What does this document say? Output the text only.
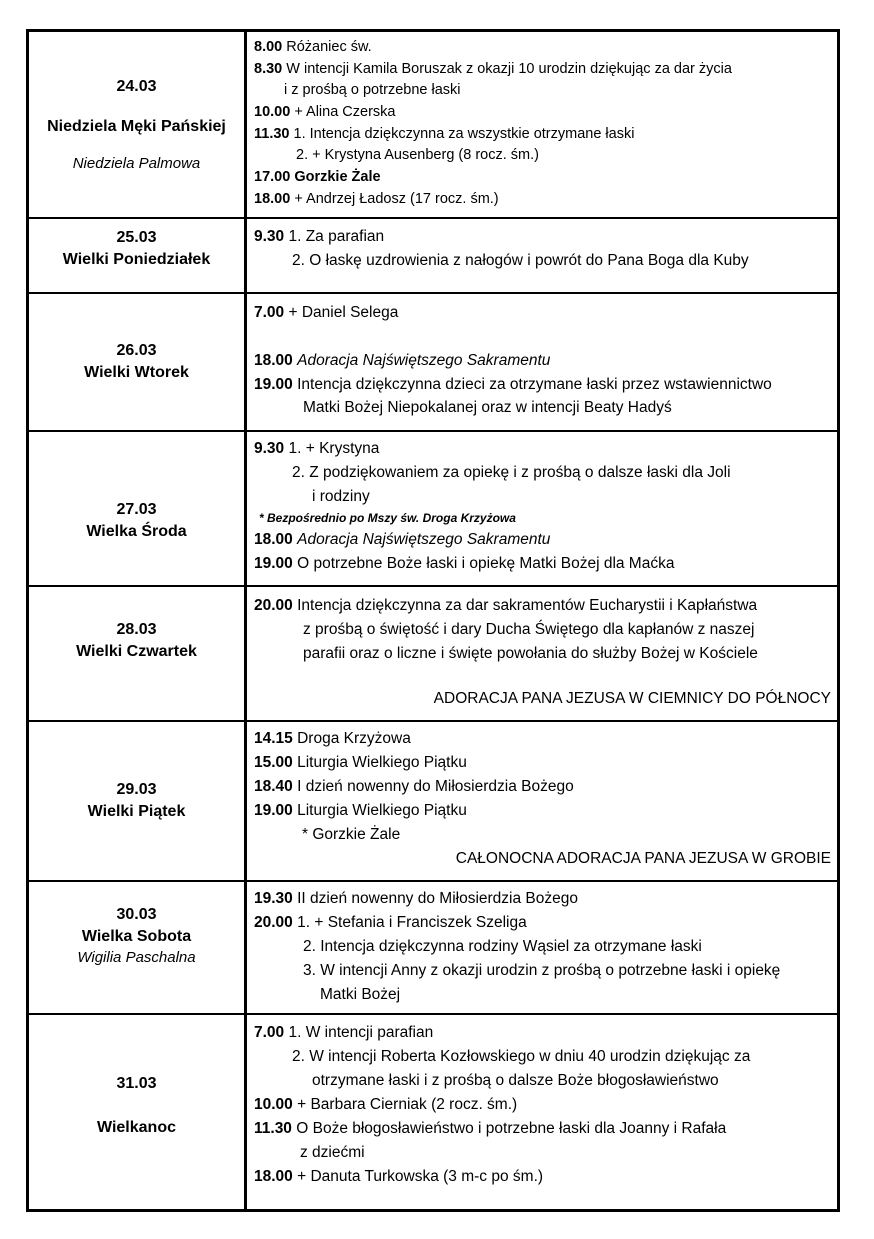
24.03
Niedziela Męki Pańskiej
Niedziela Palmowa
8.00 Różaniec św.
8.30 W intencji Kamila Boruszak z okazji 10 urodzin dziękując za dar życia
i z prośbą o potrzebne łaski
10.00 + Alina Czerska
11.30 1. Intencja dziękczynna za wszystkie otrzymane łaski
2. + Krystyna Ausenberg (8 rocz. śm.)
17.00 Gorzkie Żale
18.00 + Andrzej Ładosz (17 rocz. śm.)
25.03
Wielki Poniedziałek
9.30 1. Za parafian
2. O łaskę uzdrowienia z nałogów i powrót do Pana Boga dla Kuby
26.03
Wielki Wtorek
7.00 + Daniel Selega
18.00 Adoracja Najświętszego Sakramentu
19.00 Intencja dziękczynna dzieci za otrzymane łaski przez wstawiennictwo
Matki Bożej Niepokalanej oraz w intencji Beaty Hadyś
27.03
Wielka Środa
9.30 1. + Krystyna
2. Z podziękowaniem za opiekę i z prośbą o dalsze łaski dla Joli
i rodziny
* Bezpośrednio po Mszy św. Droga Krzyżowa
18.00 Adoracja Najświętszego Sakramentu
19.00 O potrzebne Boże łaski i opiekę Matki Bożej dla Maćka
28.03
Wielki Czwartek
20.00 Intencja dziękczynna za dar sakramentów Eucharystii i Kapłaństwa
z prośbą o świętość i dary Ducha Świętego dla kapłanów z naszej
parafii oraz o liczne i święte powołania do służby Bożej w Kościele
ADORACJA PANA JEZUSA W CIEMNICY DO PÓŁNOCY
29.03
Wielki Piątek
14.15 Droga Krzyżowa
15.00 Liturgia Wielkiego Piątku
18.40 I dzień nowenny do Miłosierdzia Bożego
19.00 Liturgia Wielkiego Piątku
* Gorzkie Żale
CAŁONOCNA ADORACJA PANA JEZUSA W GROBIE
30.03
Wielka Sobota
Wigilia Paschalna
19.30 II dzień nowenny do Miłosierdzia Bożego
20.00 1. + Stefania i Franciszek Szeliga
2. Intencja dziękczynna rodziny Wąsiel za otrzymane łaski
3. W intencji Anny z okazji urodzin z prośbą o potrzebne łaski i opiekę
Matki Bożej
31.03
Wielkanoc
7.00 1. W intencji parafian
2. W intencji Roberta Kozłowskiego w dniu 40 urodzin dziękując za
otrzymane łaski i z prośbą o dalsze Boże błogosławieństwo
10.00 + Barbara Cierniak (2 rocz. śm.)
11.30 O Boże błogosławieństwo i potrzebne łaski dla Joanny i Rafała
z dziećmi
18.00 + Danuta Turkowska (3 m-c po śm.)
